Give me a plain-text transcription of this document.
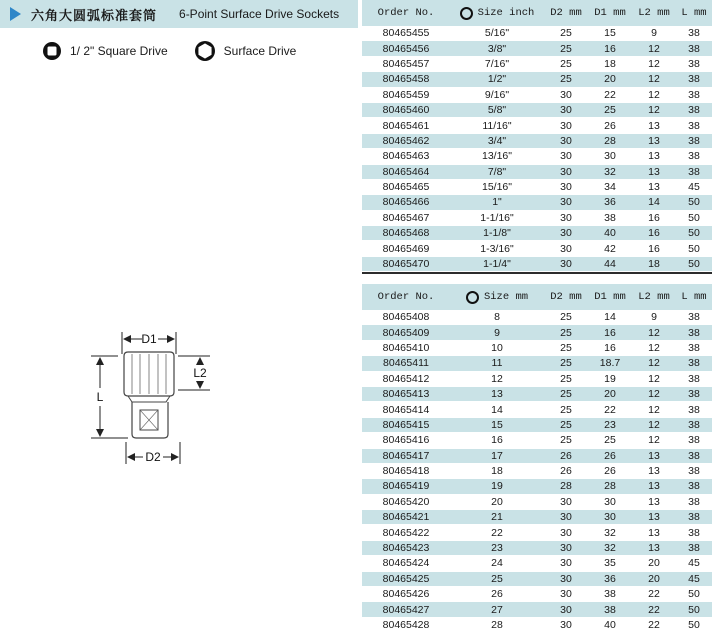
六角大圆弧标准套筒 6-Point Surface Drive Sockets
1/ 2" Square Drive	Surface Drive
D1
L
L2
D2
Order No.	Size inch	D2 mm	D1 mm	L2 mm	L mm
80465455	5/16"	25	15	9	38
80465456	3/8"	25	16	12	38
80465457	7/16"	25	18	12	38
80465458	1/2"	25	20	12	38
80465459	9/16"	30	22	12	38
80465460	5/8"	30	25	12	38
80465461	11/16"	30	26	13	38
80465462	3/4"	30	28	13	38
80465463	13/16"	30	30	13	38
80465464	7/8"	30	32	13	38
80465465	15/16"	30	34	13	45
80465466	1"	30	36	14	50
80465467	1-1/16"	30	38	16	50
80465468	1-1/8"	30	40	16	50
80465469	1-3/16"	30	42	16	50
80465470	1-1/4"	30	44	18	50
Order No.	Size mm	D2 mm	D1 mm	L2 mm	L mm
80465408	8	25	14	9	38
80465409	9	25	16	12	38
80465410	10	25	16	12	38
80465411	11	25	18.7	12	38
80465412	12	25	19	12	38
80465413	13	25	20	12	38
80465414	14	25	22	12	38
80465415	15	25	23	12	38
80465416	16	25	25	12	38
80465417	17	26	26	13	38
80465418	18	26	26	13	38
80465419	19	28	28	13	38
80465420	20	30	30	13	38
80465421	21	30	30	13	38
80465422	22	30	32	13	38
80465423	23	30	32	13	38
80465424	24	30	35	20	45
80465425	25	30	36	20	45
80465426	26	30	38	22	50
80465427	27	30	38	22	50
80465428	28	30	40	22	50
